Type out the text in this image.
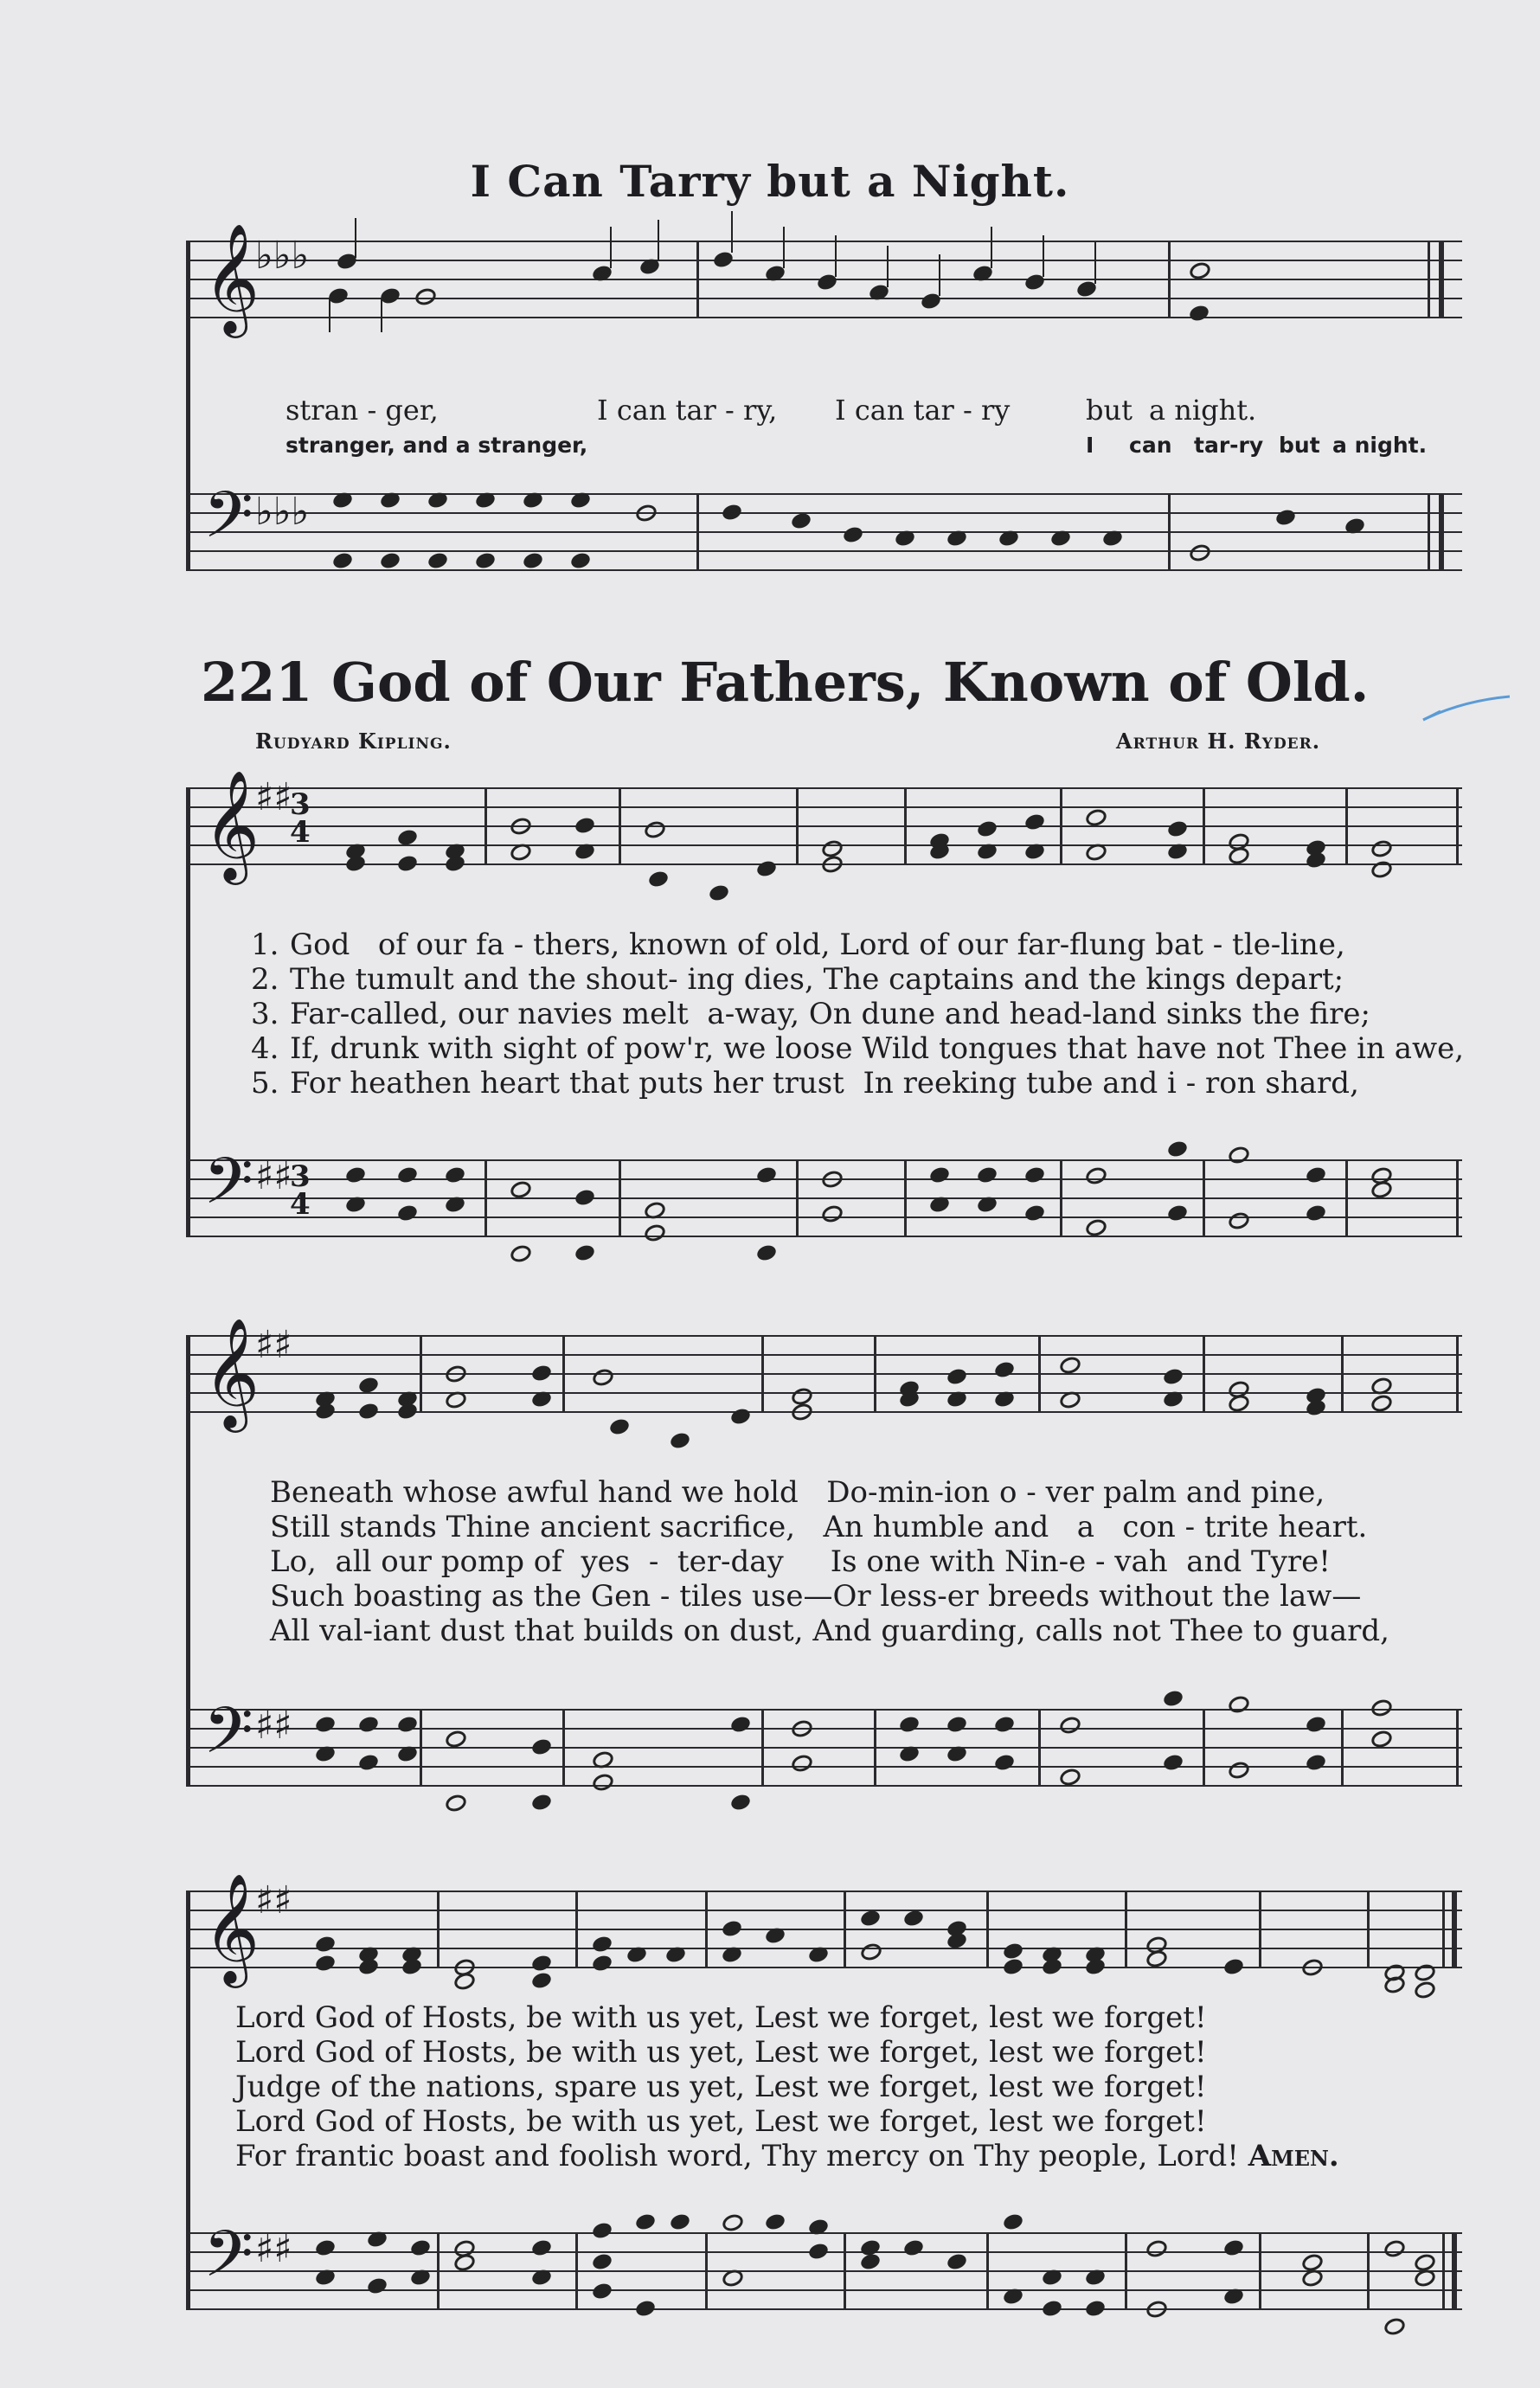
I Can Tarry but a Night.
𝄞
♭♭♭
stran - ger,	I can tar - ry, I can tar - ry	but a night.
stranger, and a stranger,	I can tar-ry but a night.
𝄢 ♭♭♭
221 God of Our Fathers, Known of Old.
Rudyard Kipling.	Arthur H. Ryder.
𝄞
♯♯
3
4
1. God   of our fa - thers, known of old, Lord of our far-flung bat - tle-line,
2. The tumult and the shout- ing dies, The captains and the kings depart;
3. Far-called, our navies melt  a-way, On dune and head-land sinks the fire;
4. If, drunk with sight of pow'r, we loose Wild tongues that have not Thee in awe,
5. For heathen heart that puts her trust  In reeking tube and i - ron shard,
𝄢 ♯♯
3
4
𝄞
♯♯
Beneath whose awful hand we hold   Do-min-ion o - ver palm and pine,
Still stands Thine ancient sacrifice,   An humble and   a   con - trite heart.
Lo,  all our pomp of  yes  -  ter-day     Is one with Nin-e - vah  and Tyre!
Such boasting as the Gen - tiles use—Or less-er breeds without the law—
All val-iant dust that builds on dust, And guarding, calls not Thee to guard,
𝄢 ♯♯
𝄞
♯♯
Lord God of Hosts, be with us yet, Lest we forget, lest we forget!
Lord God of Hosts, be with us yet, Lest we forget, lest we forget!
Judge of the nations, spare us yet, Lest we forget, lest we forget!
Lord God of Hosts, be with us yet, Lest we forget, lest we forget!
For frantic boast and foolish word, Thy mercy on Thy people, Lord! Amen.
𝄢 ♯♯
